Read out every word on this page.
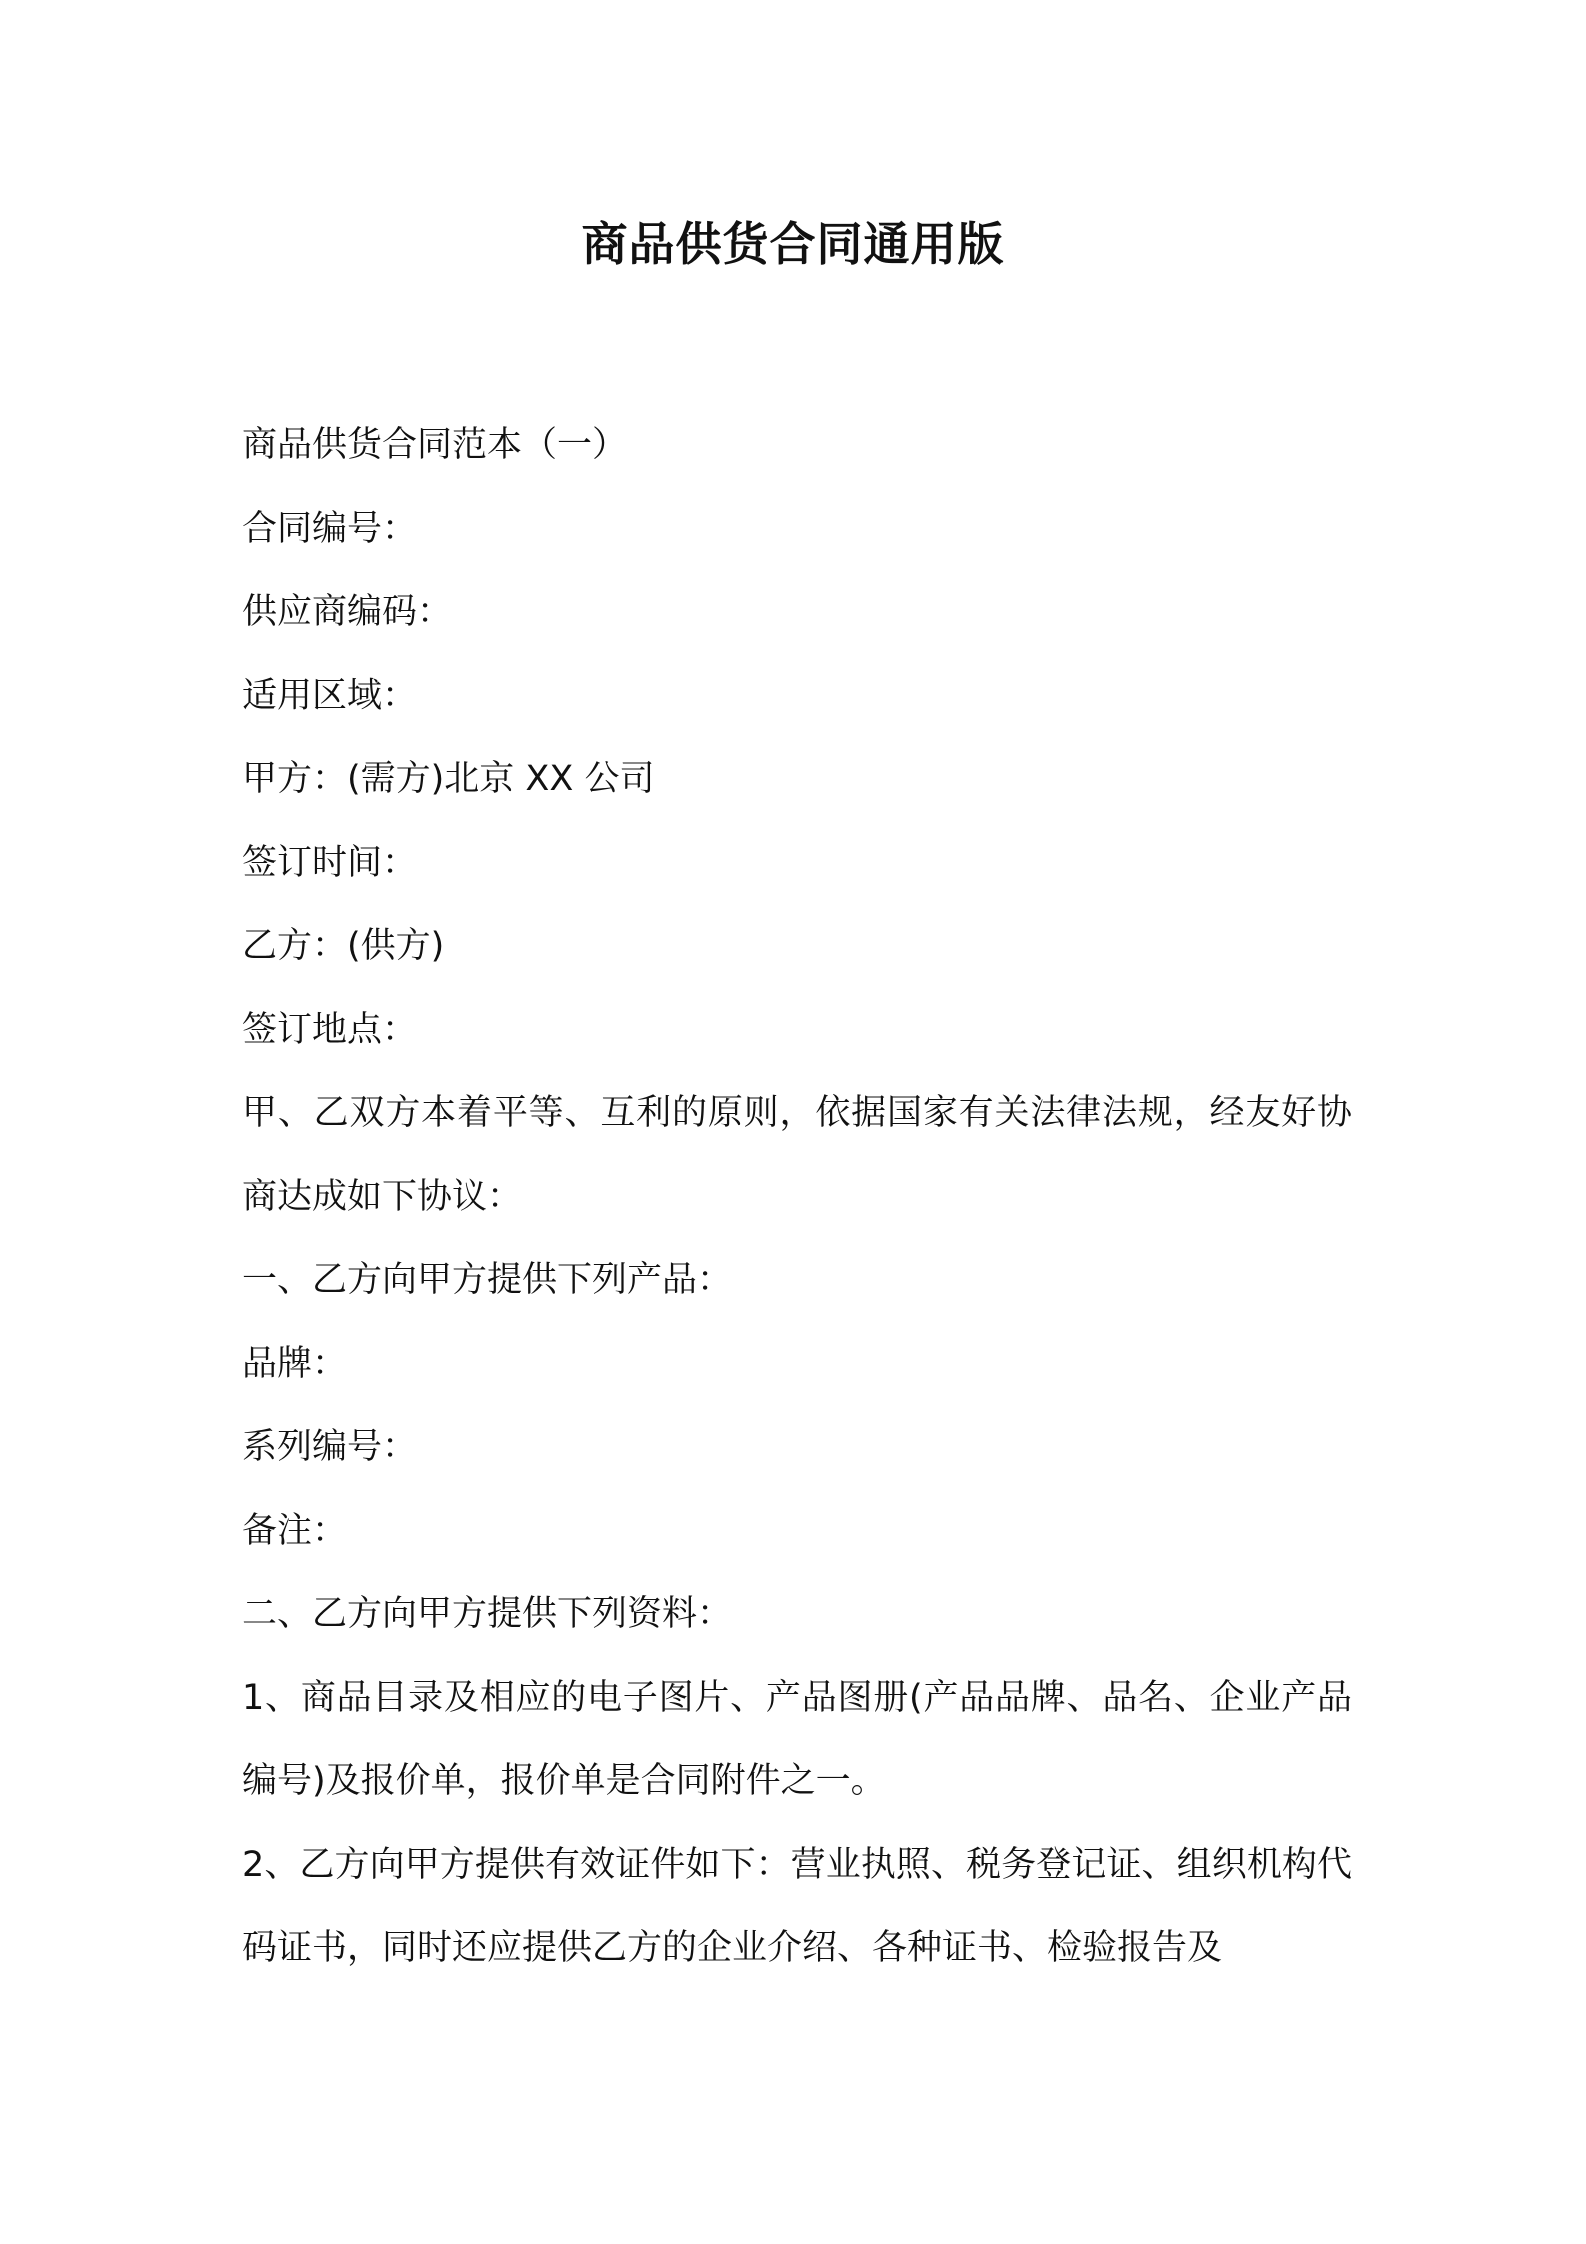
商品供货合同通用版
商品供货合同范本（一）
合同编号：
供应商编码：
适用区域：
甲方：(需方)北京 XX 公司
签订时间：
乙方：(供方)
签订地点：
甲、乙双方本着平等、互利的原则，依据国家有关法律法规，经友好协商达成如下协议：
一、乙方向甲方提供下列产品：
品牌：
系列编号：
备注：
二、乙方向甲方提供下列资料：
1、商品目录及相应的电子图片、产品图册(产品品牌、品名、企业产品编号)及报价单，报价单是合同附件之一。
2、乙方向甲方提供有效证件如下：营业执照、税务登记证、组织机构代码证书，同时还应提供乙方的企业介绍、各种证书、检验报告及
